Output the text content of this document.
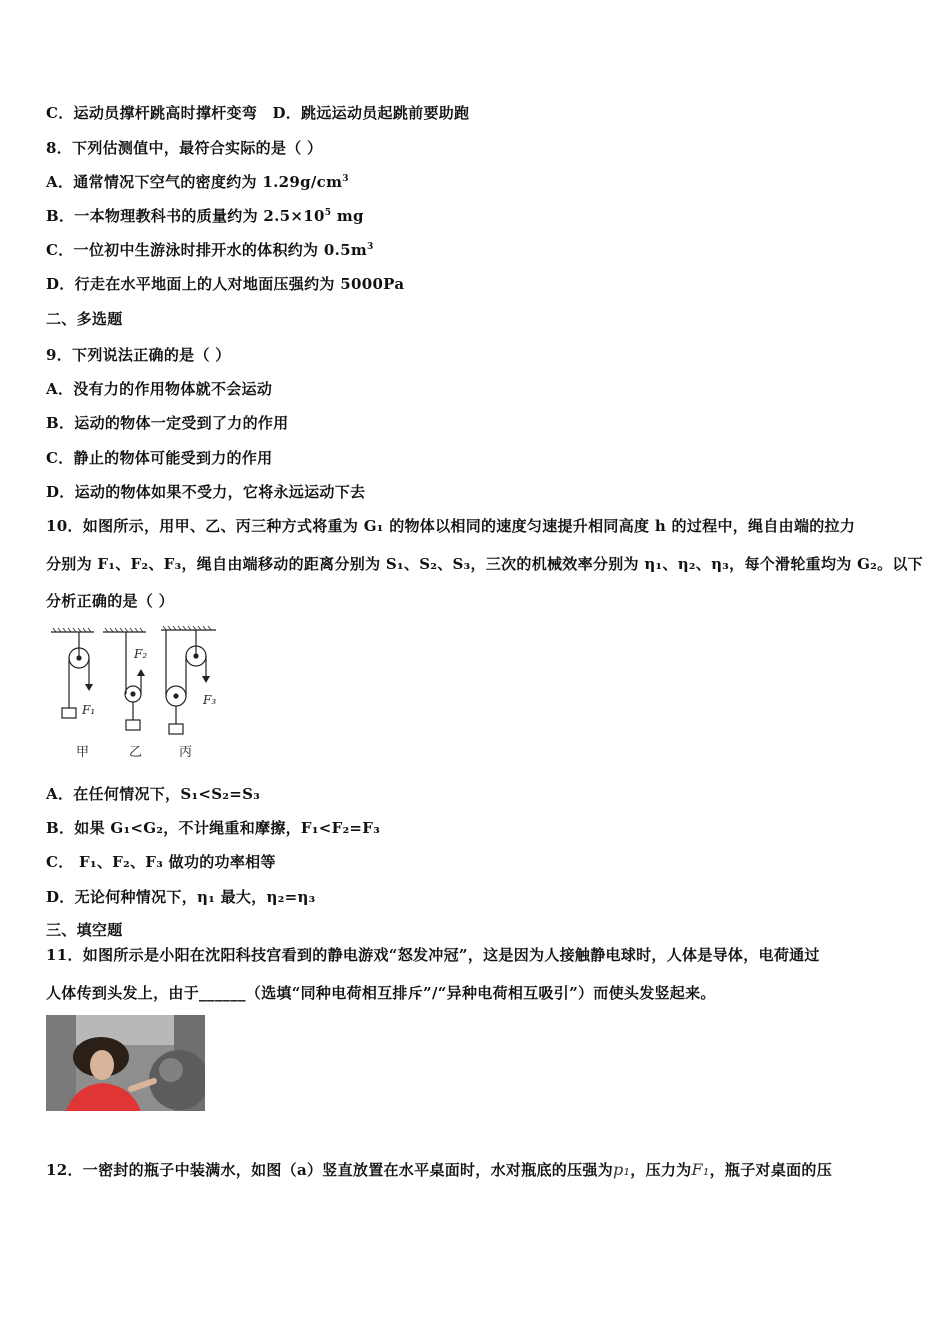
C．运动员撑杆跳高时撑杆变弯　D．跳远运动员起跳前要助跑
8．下列估测值中，最符合实际的是（ ）
A．通常情况下空气的密度约为 $1.29g/cm^3$
B．一本物理教科书的质量约为 $2.5\times 10^5$ mg
C．一位初中生游泳时排开水的体积约为 $0.5m^3$
D．行走在水平地面上的人对地面压强约为 5000Pa
二、多选题
9．下列说法正确的是（ ）
A．没有力的作用物体就不会运动
B．运动的物体一定受到了力的作用
C．静止的物体可能受到力的作用
D．运动的物体如果不受力，它将永远运动下去
10．如图所示，用甲、乙、丙三种方式将重为 G₁ 的物体以相同的速度匀速提升相同高度 h 的过程中，绳自由端的拉力
分别为 F₁、F₂、F₃，绳自由端移动的距离分别为 S₁、S₂、S₃，三次的机械效率分别为 η₁、η₂、η₃，每个滑轮重均为 G₂。以下
分析正确的是（ ）
F₁
F₂
F₃
甲	乙	丙
A．在任何情况下，S₁<S₂=S₃
B．如果 G₁<G₂，不计绳重和摩擦，F₁<F₂=F₃
C． F₁、F₂、F₃ 做功的功率相等
D．无论何种情况下，η₁ 最大，η₂=η₃
三、填空题
11．如图所示是小阳在沈阳科技宫看到的静电游戏“怒发冲冠”，这是因为人接触静电球时，人体是导体，电荷通过
人体传到头发上，由于______（选填“同种电荷相互排斥”/“异种电荷相互吸引”）而使头发竖起来。
12．一密封的瓶子中装满水，如图（a）竖直放置在水平桌面时，水对瓶底的压强为p₁，压力为F₁，瓶子对桌面的压
